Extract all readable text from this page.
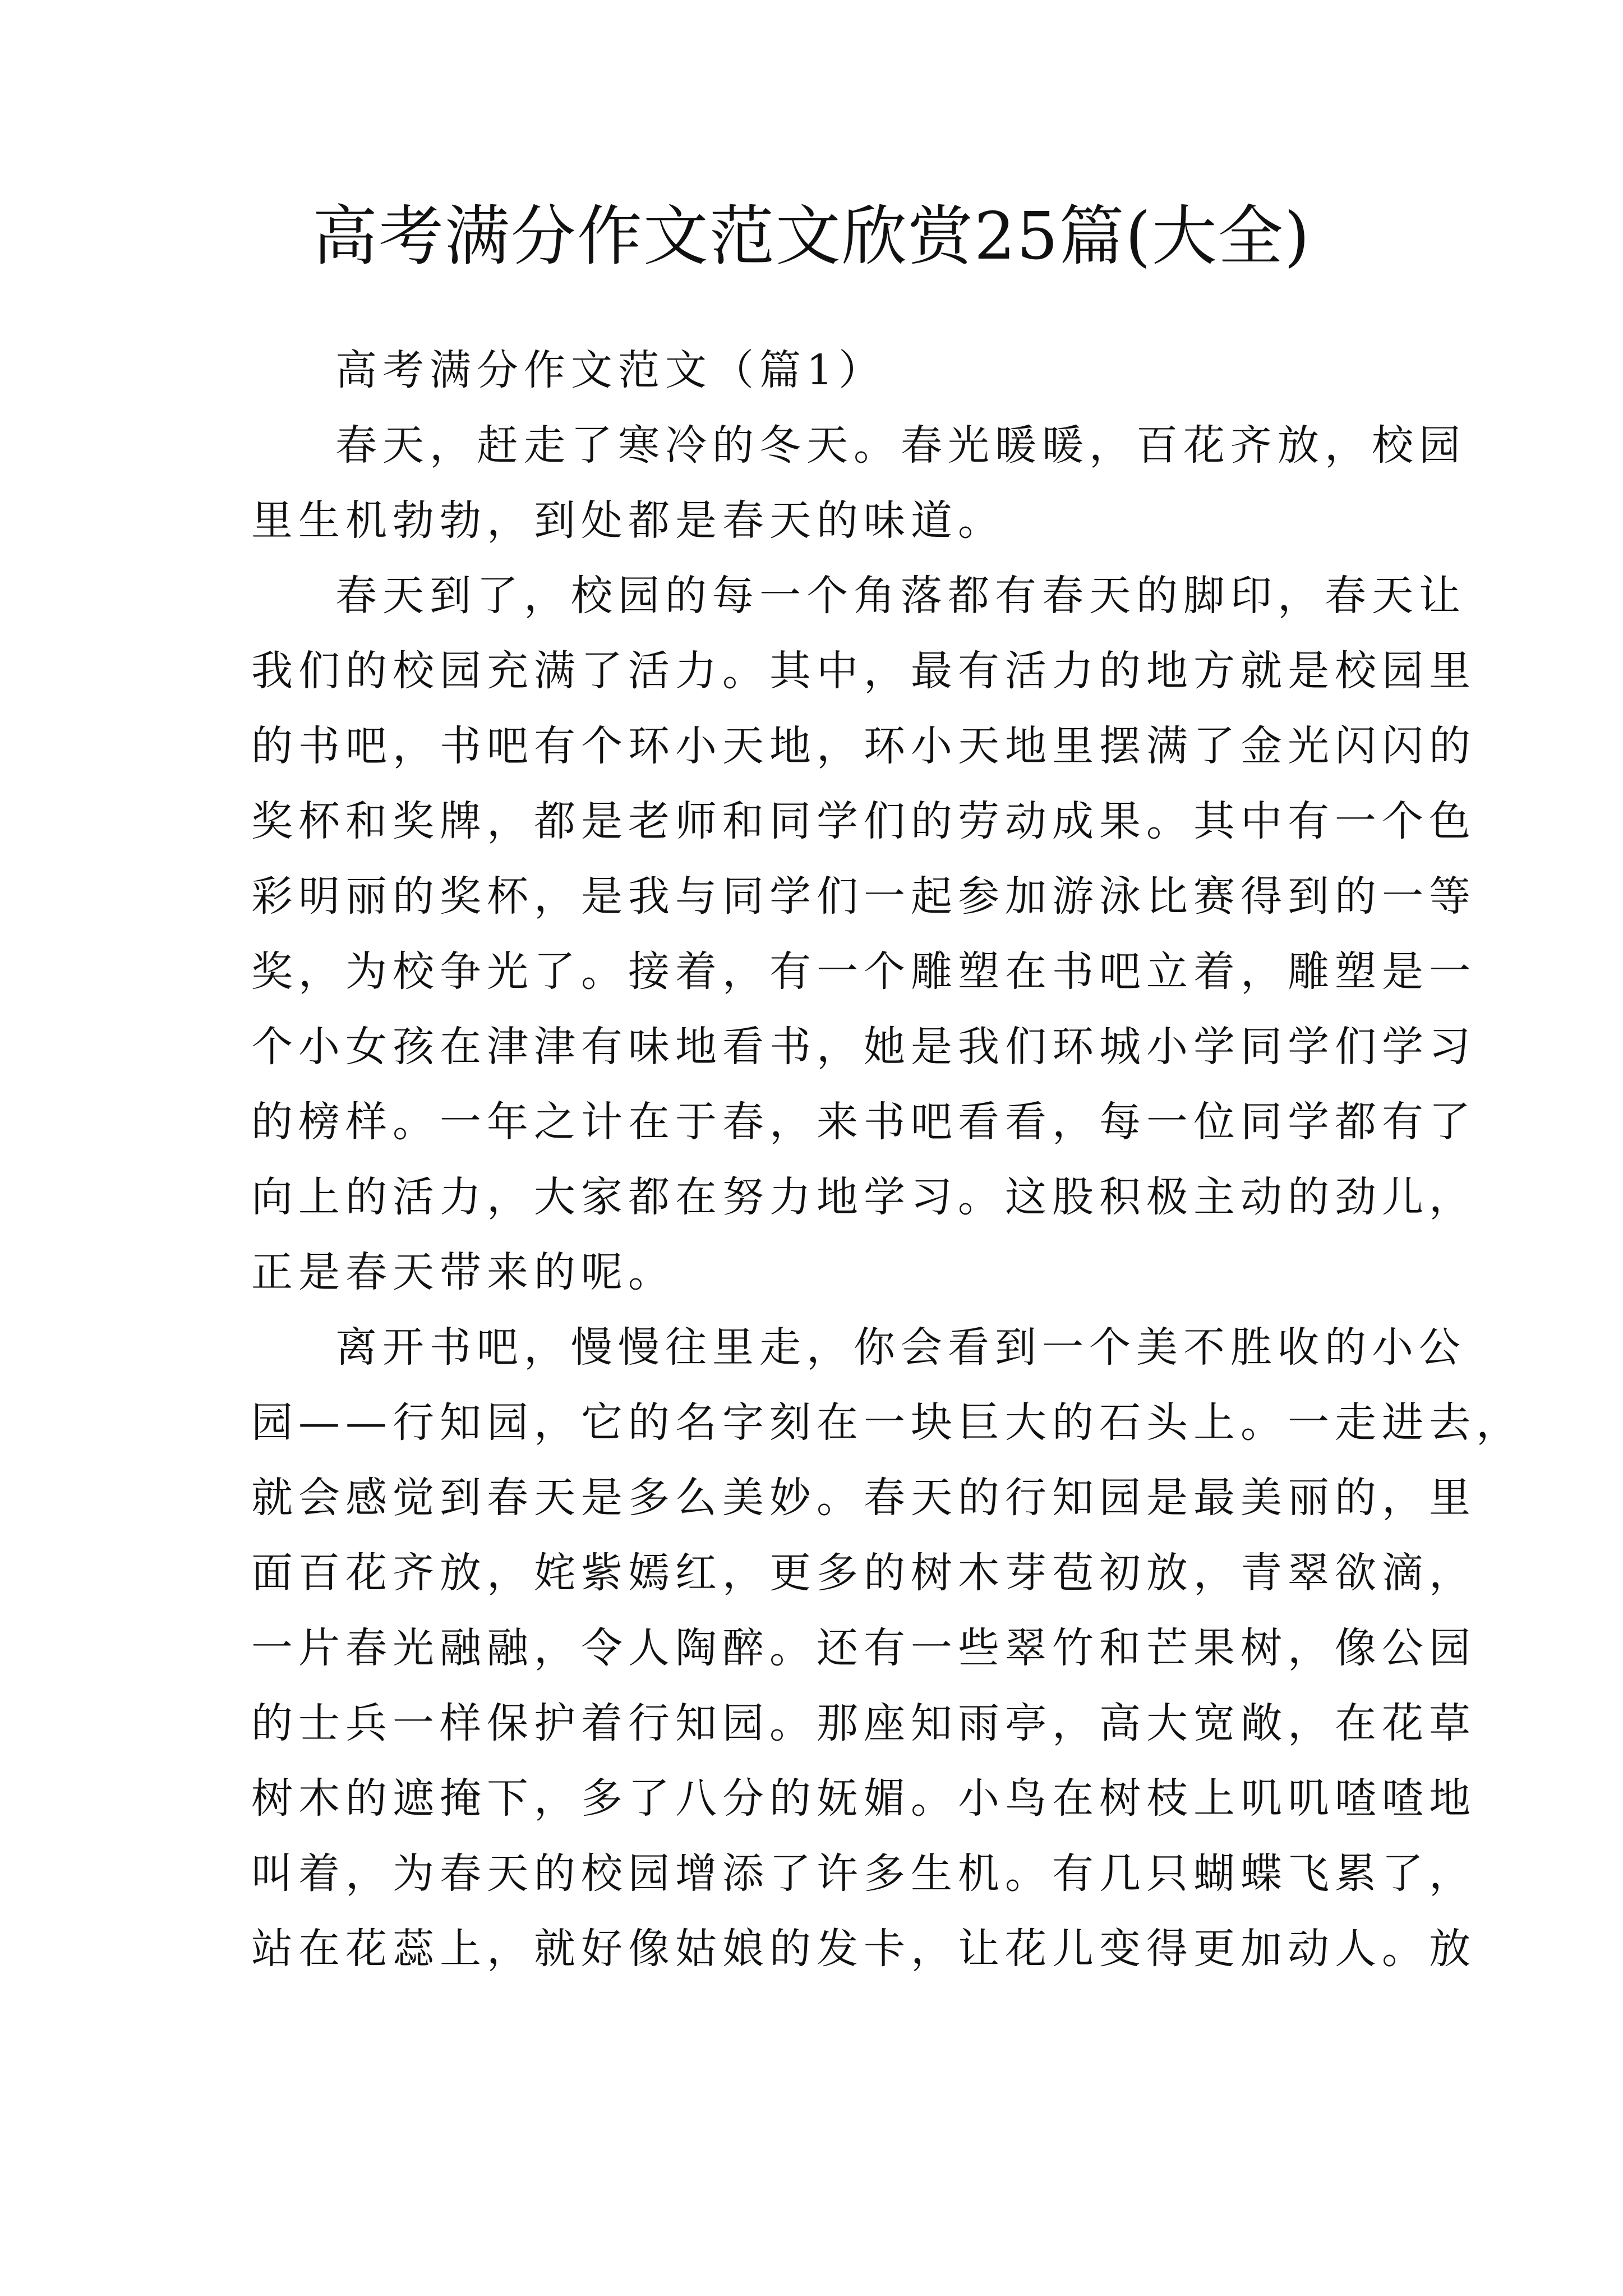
高考满分作文范文欣赏25篇(大全)
高考满分作文范文（篇1）
春天，赶走了寒冷的冬天。春光暖暖，百花齐放，校园
里生机勃勃，到处都是春天的味道。
春天到了，校园的每一个角落都有春天的脚印，春天让
我们的校园充满了活力。其中，最有活力的地方就是校园里
的书吧，书吧有个环小天地，环小天地里摆满了金光闪闪的
奖杯和奖牌，都是老师和同学们的劳动成果。其中有一个色
彩明丽的奖杯，是我与同学们一起参加游泳比赛得到的一等
奖，为校争光了。接着，有一个雕塑在书吧立着，雕塑是一
个小女孩在津津有味地看书，她是我们环城小学同学们学习
的榜样。一年之计在于春，来书吧看看，每一位同学都有了
向上的活力，大家都在努力地学习。这股积极主动的劲儿，
正是春天带来的呢。
离开书吧，慢慢往里走，你会看到一个美不胜收的小公
园——行知园，它的名字刻在一块巨大的石头上。一走进去，
就会感觉到春天是多么美妙。春天的行知园是最美丽的，里
面百花齐放，姹紫嫣红，更多的树木芽苞初放，青翠欲滴，
一片春光融融，令人陶醉。还有一些翠竹和芒果树，像公园
的士兵一样保护着行知园。那座知雨亭，高大宽敞，在花草
树木的遮掩下，多了八分的妩媚。小鸟在树枝上叽叽喳喳地
叫着，为春天的校园增添了许多生机。有几只蝴蝶飞累了，
站在花蕊上，就好像姑娘的发卡，让花儿变得更加动人。放
